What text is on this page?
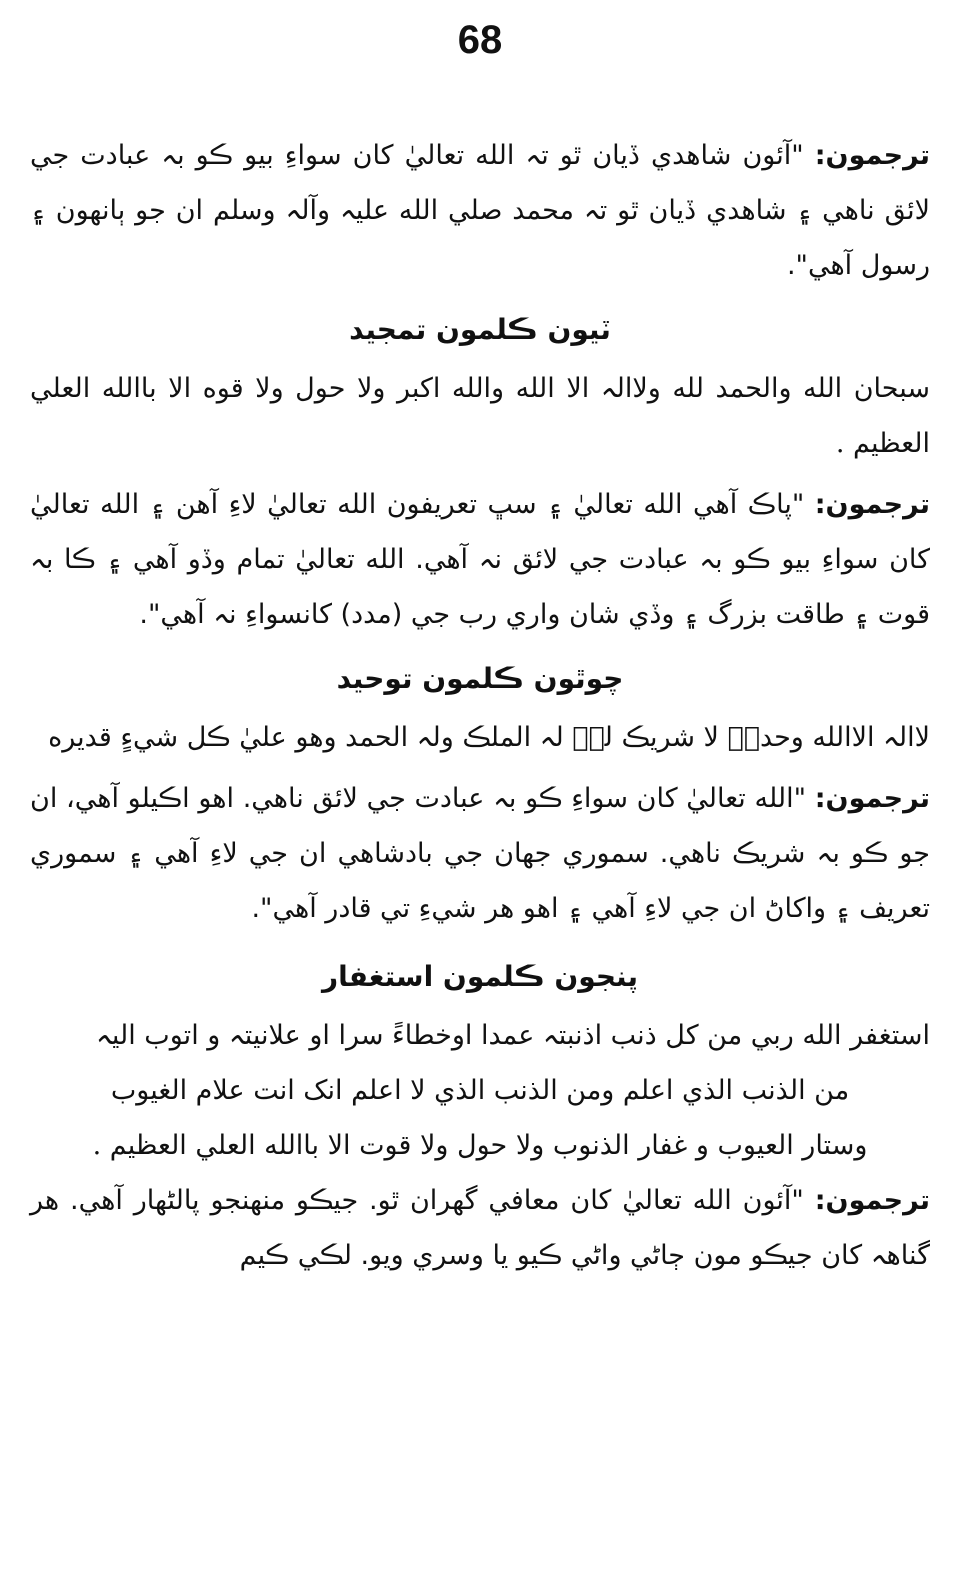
68

ترجمون: "آئون شاهدي ڏيان ٿو تہ الله تعاليٰ کان سواءِ بيو ڪو بہ عبادت جي لائق ناهي ۽ شاهدي ڏيان ٿو تہ محمد صلي الله عليہ وآلہ وسلم ان جو ٻانهون ۽ رسول آهي".

ٽيون ڪلمون تمجيد

سبحان الله والحمد لله ولاالہ الا الله والله اكبر ولا حول ولا قوه الا باالله العلي العظيم .

ترجمون: "پاڪ آهي الله تعاليٰ ۽ سڀ تعريفون الله تعاليٰ لاءِ آهن ۽ الله تعاليٰ کان سواءِ بيو ڪو بہ عبادت جي لائق نہ آهي. الله تعاليٰ تمام وڏو آهي ۽ ڪا بہ قوت ۽ طاقت بزرگ ۽ وڏي شان واري رب جي (مدد) کانسواءِ نہ آهي".

چوٿون ڪلمون توحيد

لاالہ الاالله وحدہٗ لا شريڪ لہٗ لہ الملڪ ولہ الحمد وهو عليٰ ڪل شيءٍ قديره

ترجمون: "الله تعاليٰ کان سواءِ ڪو بہ عبادت جي لائق ناهي. اهو اڪيلو آهي، ان جو ڪو بہ شريڪ ناهي. سموري جهان جي بادشاهي ان جي لاءِ آهي ۽ سموري تعريف ۽ واکاڻ ان جي لاءِ آهي ۽ اهو هر شيءِ تي قادر آهي".

پنجون ڪلمون استغفار

استغفر الله ربي من كل ذنب اذنبتہ عمدا اوخطاءً سرا او علانيتہ و اتوب اليہ

من الذنب الذي اعلم ومن الذنب الذي لا اعلم انک انت علام الغيوب

وستار العيوب و غفار الذنوب ولا حول ولا قوت الا باالله العلي العظيم .

ترجمون: "آئون الله تعاليٰ کان معافي گهران ٿو. جيڪو منهنجو پالڻهار آهي. هر گناهہ کان جيڪو مون ڄاڻي واڻي ڪيو يا وسري ويو. لڪي ڪيم
